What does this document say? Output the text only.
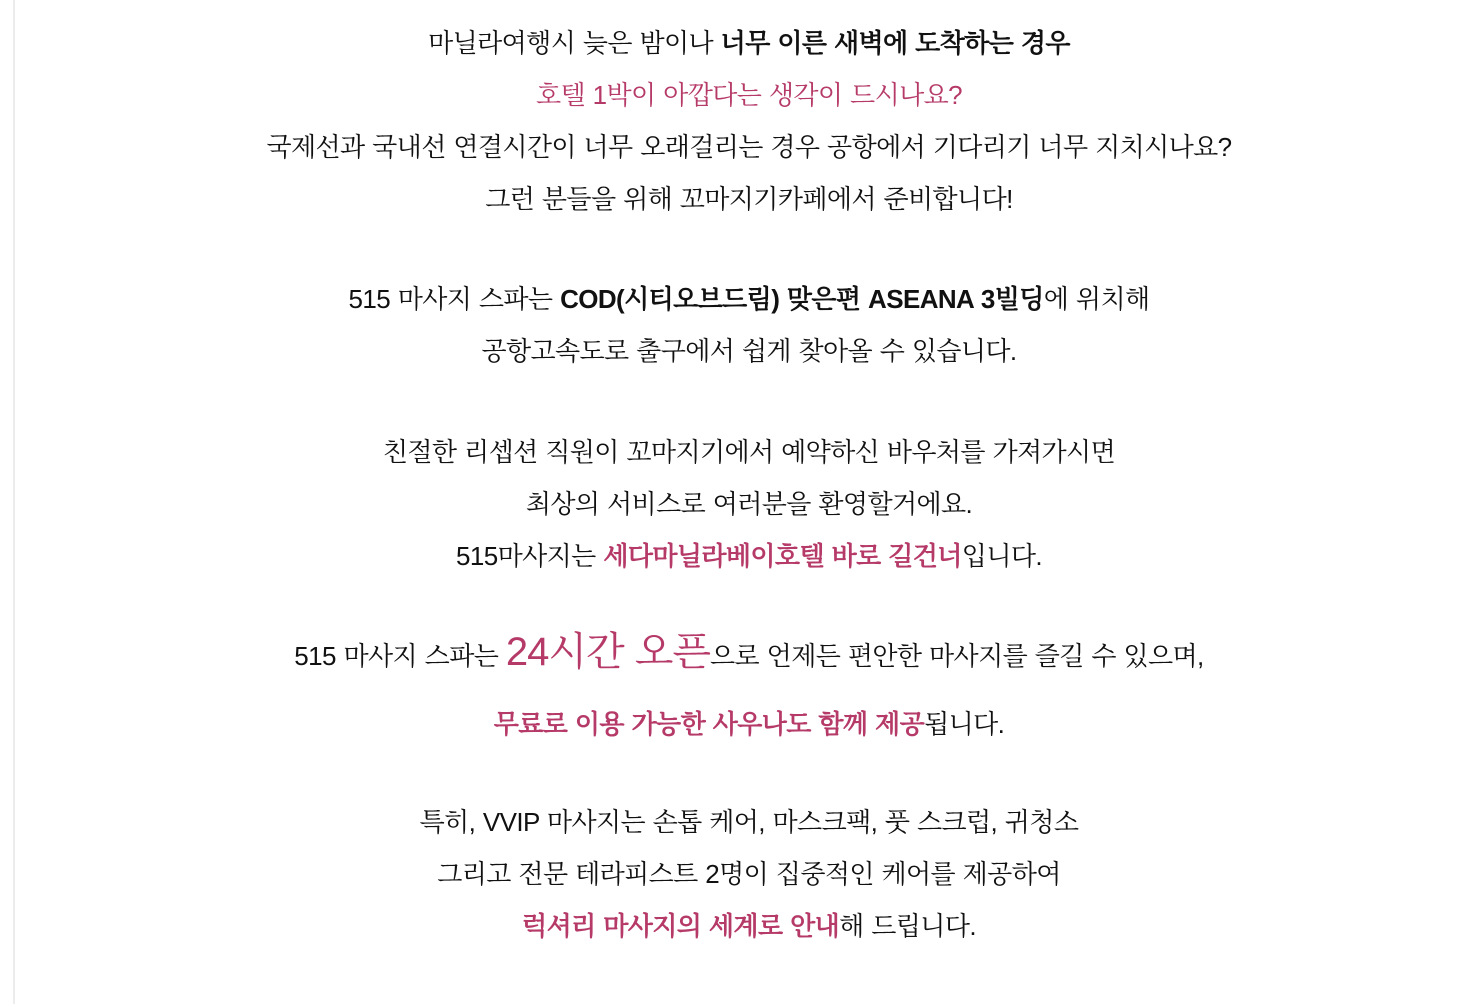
마닐라여행시 늦은 밤이나 너무 이른 새벽에 도착하는 경우
호텔 1박이 아깝다는 생각이 드시나요?
국제선과 국내선 연결시간이 너무 오래걸리는 경우 공항에서 기다리기 너무 지치시나요?
그런 분들을 위해 꼬마지기카페에서 준비합니다!
515 마사지 스파는 COD(시티오브드림) 맞은편 ASEANA 3빌딩에 위치해
공항고속도로 출구에서 쉽게 찾아올 수 있습니다.
친절한 리셉션 직원이 꼬마지기에서 예약하신 바우처를 가져가시면
최상의 서비스로 여러분을 환영할거에요.
515마사지는 세다마닐라베이호텔 바로 길건너입니다.
515 마사지 스파는 24시간 오픈으로 언제든 편안한 마사지를 즐길 수 있으며,
무료로 이용 가능한 사우나도 함께 제공됩니다.
특히, VVIP 마사지는 손톱 케어, 마스크팩, 풋 스크럽, 귀청소
그리고 전문 테라피스트 2명이 집중적인 케어를 제공하여
럭셔리 마사지의 세계로 안내해 드립니다.
